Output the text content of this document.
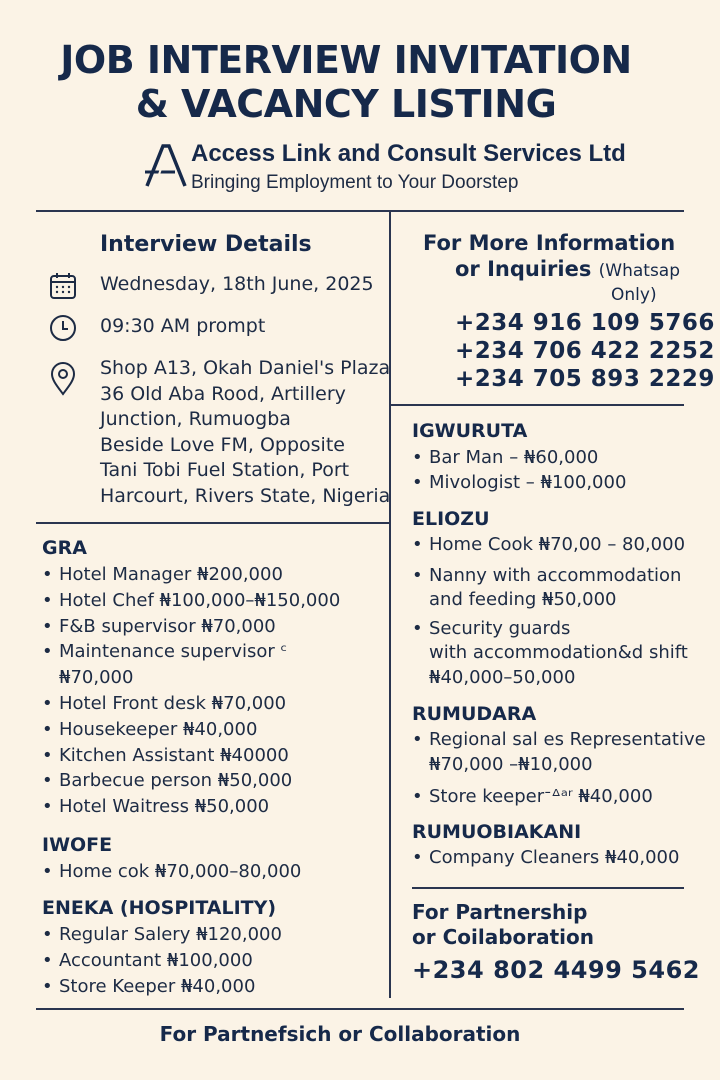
JOB INTERVIEW INVITATION
& VACANCY LISTING
Access Link and Consult Services Ltd
Bringing Employment to Your Doorstep
Interview Details
Wednesday, 18th June, 2025
09:30 AM prompt
Shop A13, Okah Daniel's Plaza
36 Old Aba Rood, Artillery
Junction, Rumuogba
Beside Love FM, Opposite
Tani Tobi Fuel Station, Port
Harcourt, Rivers State, Nigeria
For More Information
or Inquiries (Whatsap
Only)
+234 916 109 5766
+234 706 422 2252
+234 705 893 2229
GRA
• Hotel Manager ₦200,000
• Hotel Chef ₦100,000–₦150,000
• F&B supervisor ₦70,000
• Maintenance supervisor ᶜ
₦70,000
• Hotel Front desk ₦70,000
• Housekeeper ₦40,000
• Kitchen Assistant ₦40000
• Barbecue person ₦50,000
• Hotel Waitress ₦50,000
IWOFE
• Home cok ₦70,000–80,000
ENEKA (HOSPITALITY)
• Regular Salery ₦120,000
• Accountant ₦100,000
• Store Keeper ₦40,000
IGWURUTA
• Bar Man – ₦60,000
• Mivologist – ₦100,000
ELIOZU
• Home Cook ₦70,00 – 80,000
• Nanny with accommodation
and feeding ₦50,000
• Security guards
with accommodation&d shift
₦40,000–50,000
RUMUDARA
• Regional sal es Representative
₦70,000 –₦10,000
• Store keeperᐨᐞᵃʳ ₦40,000
RUMUOBIAKANI
• Company Cleaners ₦40,000
For Partnership
or Coilaboration
+234 802 4499 5462
For Partnefsich or Collaboration
